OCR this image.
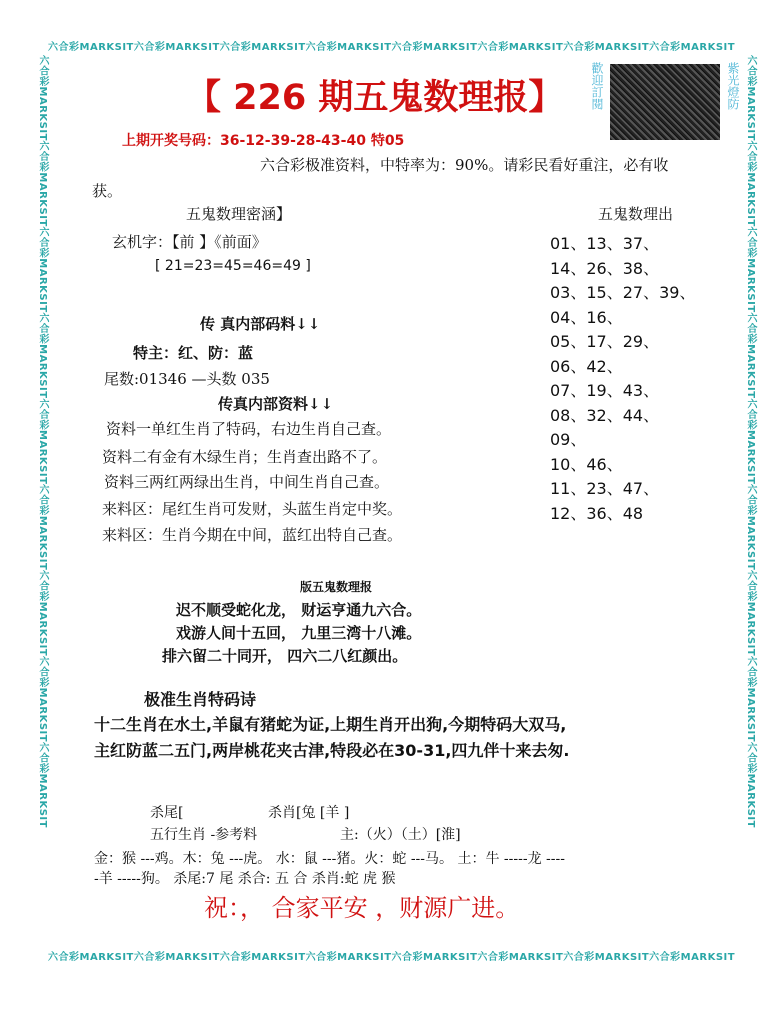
六合彩MARKSIT六合彩MARKSIT六合彩MARKSIT六合彩MARKSIT六合彩MARKSIT六合彩MARKSIT六合彩MARKSIT六合彩MARKSIT
六合彩MARKSIT六合彩MARKSIT六合彩MARKSIT六合彩MARKSIT六合彩MARKSIT六合彩MARKSIT六合彩MARKSIT六合彩MARKSIT
六合彩MARKSIT六合彩MARKSIT六合彩MARKSIT六合彩MARKSIT六合彩MARKSIT六合彩MARKSIT六合彩MARKSIT六合彩MARKSIT六合彩MARKSIT	六合彩MARKSIT六合彩MARKSIT六合彩MARKSIT六合彩MARKSIT六合彩MARKSIT六合彩MARKSIT六合彩MARKSIT六合彩MARKSIT六合彩MARKSIT
【 226 期五鬼数理报】 歡迎訂閱	紫光燈防
上期开奖号码：36-12-39-28-43-40 特05
六合彩极准资料，中特率为：90%。请彩民看好重注，必有收
获。
五鬼数理密涵】
玄机字：【前 】《前面》
[ 21=23=45=46=49 ]
传 真内部码料↓↓
特主：红、防：蓝
尾数:01346 —头数 035
传真内部资料↓↓
资料一单红生肖了特码，右边生肖自己查。
资料二有金有木绿生肖；生肖查出路不了。
资料三两红两绿出生肖，中间生肖自己查。
来料区：尾红生肖可发财，头蓝生肖定中奖。
来料区：生肖今期在中间，蓝红出特自己查。
五鬼数理出
01、13、37、
14、26、38、
03、15、27、39、
04、16、
05、17、29、
06、42、
07、19、43、
08、32、44、
09、
10、46、
11、23、47、
12、36、48
版五鬼数理报
迟不顺受蛇化龙， 财运亨通九六合。
戏游人间十五回， 九里三湾十八滩。
排六留二十同开， 四六二八红颜出。
极准生肖特码诗
十二生肖在水土,羊鼠有猪蛇为证,上期生肖开出狗,今期特码大双马,
主红防蓝二五门,两岸桃花夹古津,特段必在30-31,四九伴十来去匆.
杀尾[	杀肖[兔 [羊 ]
五行生肖 -参考料	主:（火）（土）[淮]
金：猴 ---鸡。木：兔 ---虎。 水：鼠 ---猪。火：蛇 ---马。 土：牛 -----龙 ----
-羊 -----狗。 杀尾:7 尾 杀合: 五 合 杀肖:蛇 虎 猴
祝：， 合家平安 ，财源广进。
